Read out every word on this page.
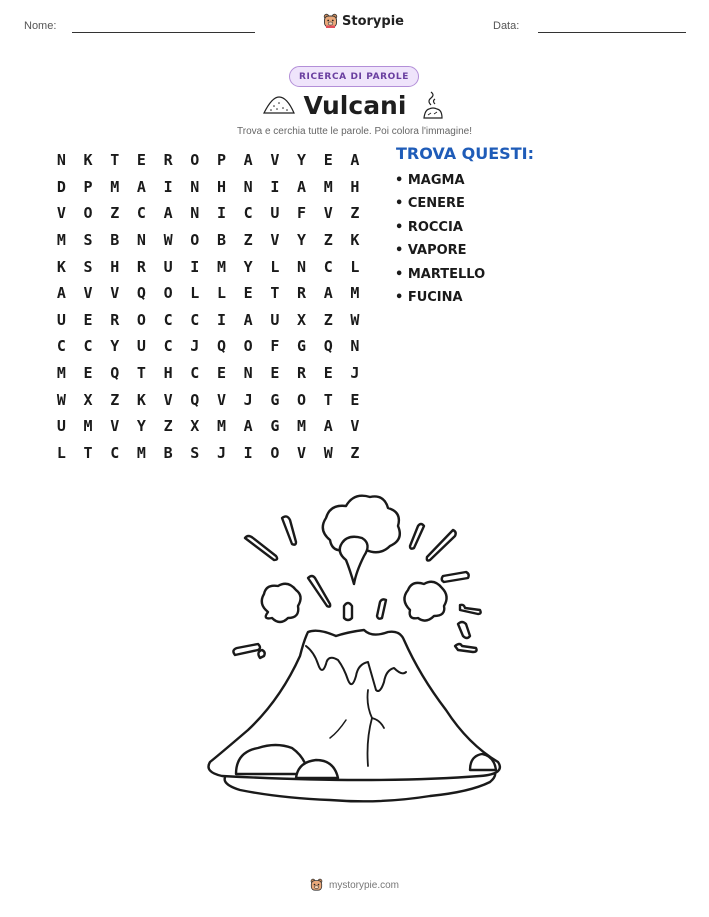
Nome:	Storypie	Data:
RICERCA DI PAROLE
Vulcani
Trova e cerchia tutte le parole. Poi colora l'immagine!
N	K	T	E	R	O	P	A	V	Y	E	A
D	P	M	A	I	N	H	N	I	A	M	H
V	O	Z	C	A	N	I	C	U	F	V	Z
M	S	B	N	W	O	B	Z	V	Y	Z	K
K	S	H	R	U	I	M	Y	L	N	C	L
A	V	V	Q	O	L	L	E	T	R	A	M
U	E	R	O	C	C	I	A	U	X	Z	W
C	C	Y	U	C	J	Q	O	F	G	Q	N
M	E	Q	T	H	C	E	N	E	R	E	J
W	X	Z	K	V	Q	V	J	G	O	T	E
U	M	V	Y	Z	X	M	A	G	M	A	V
L	T	C	M	B	S	J	I	O	V	W	Z
TROVA QUESTI:
• MAGMA
• CENERE
• ROCCIA
• VAPORE
• MARTELLO
• FUCINA
mystorypie.com
